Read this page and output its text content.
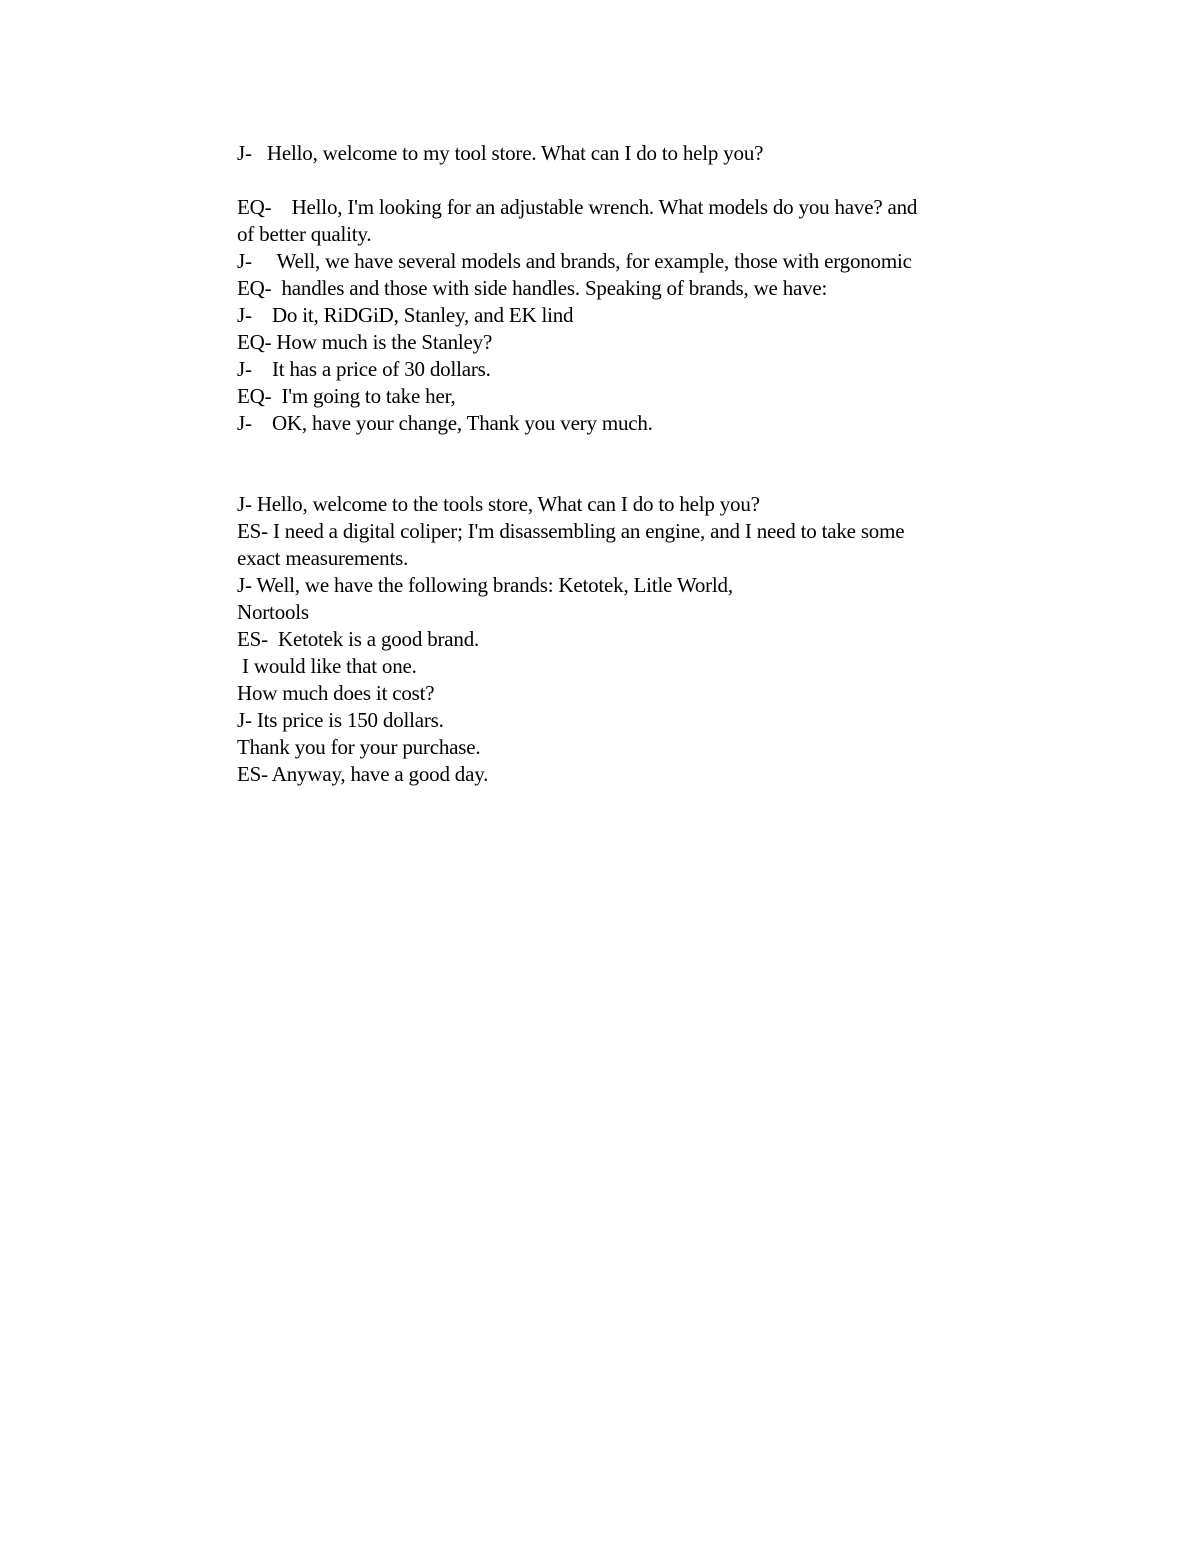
J-   Hello, welcome to my tool store. What can I do to help you?
EQ-    Hello, I'm looking for an adjustable wrench. What models do you have? and
of better quality.
J-     Well, we have several models and brands, for example, those with ergonomic
EQ-  handles and those with side handles. Speaking of brands, we have:
J-    Do it, RiDGiD, Stanley, and EK lind
EQ- How much is the Stanley?
J-    It has a price of 30 dollars.
EQ-  I'm going to take her,
J-    OK, have your change, Thank you very much.
J- Hello, welcome to the tools store, What can I do to help you?
ES- I need a digital coliper; I'm disassembling an engine, and I need to take some
exact measurements.
J- Well, we have the following brands: Ketotek, Litle World,
Nortools
ES-  Ketotek is a good brand.
I would like that one.
How much does it cost?
J- Its price is 150 dollars.
Thank you for your purchase.
ES- Anyway, have a good day.
